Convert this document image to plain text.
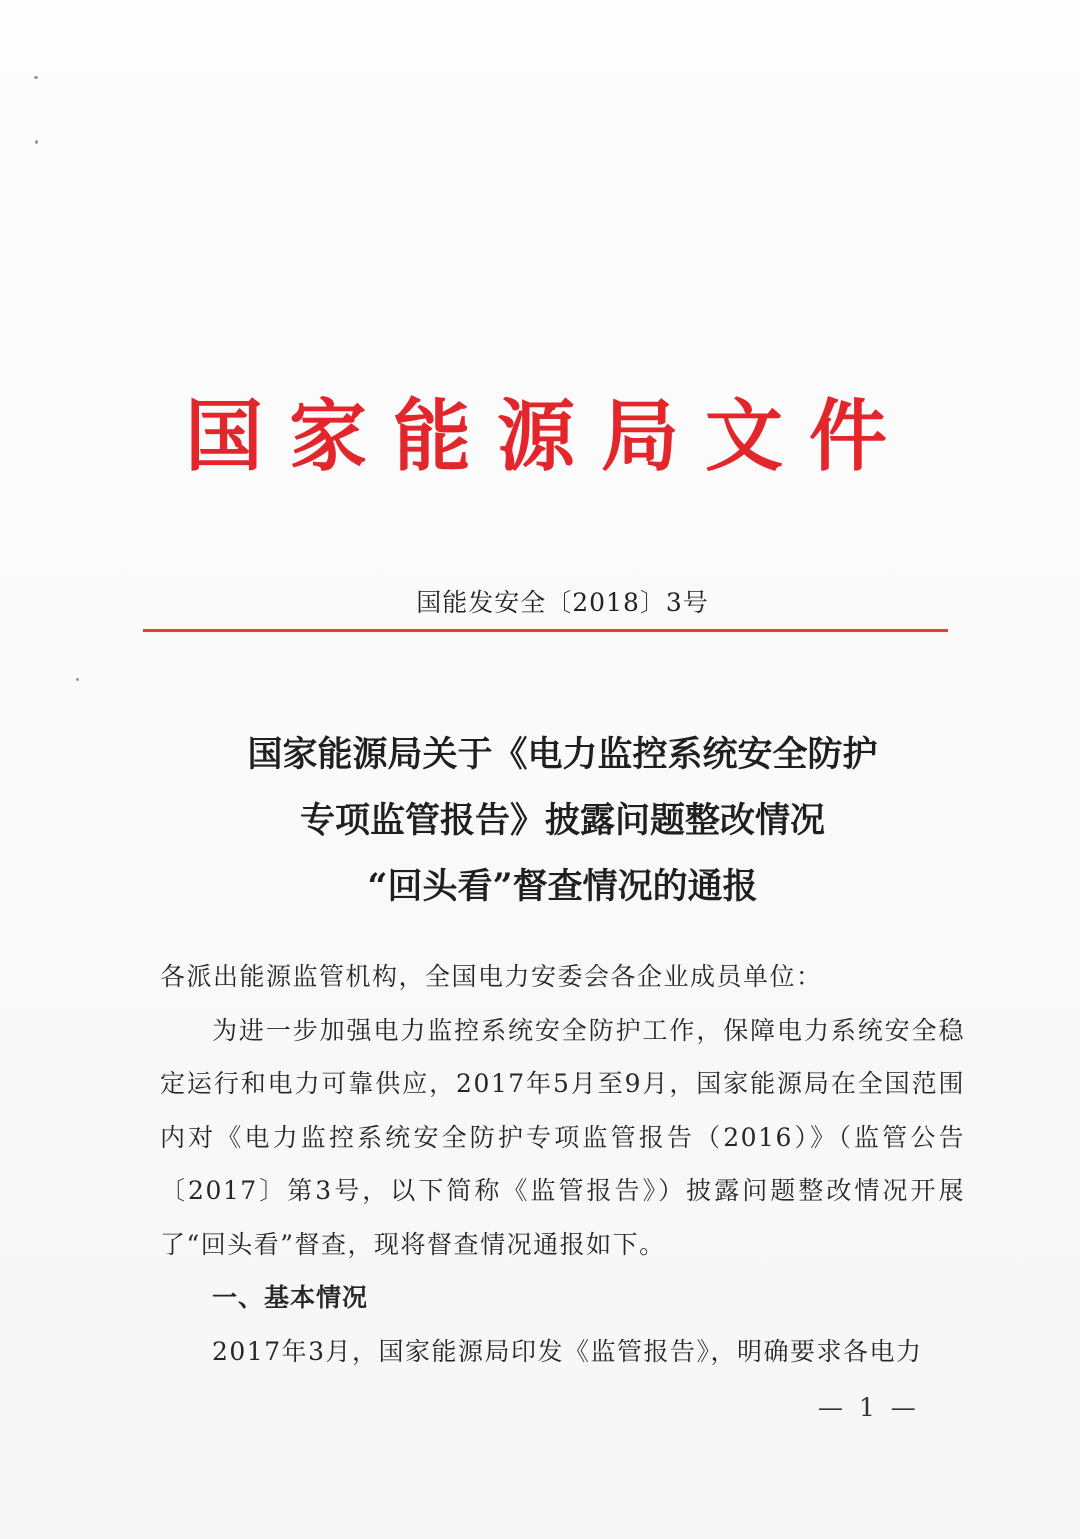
国家能源局文件
国能发安全〔2018〕3号
国家能源局关于《电力监控系统安全防护
专项监管报告》披露问题整改情况
“回头看”督查情况的通报

各派出能源监管机构，全国电力安委会各企业成员单位：

为进一步加强电力监控系统安全防护工作，保障电力系统安全稳定运行和电力可靠供应，2017年5月至9月，国家能源局在全国范围内对《电力监控系统安全防护专项监管报告（2016）》（监管公告〔2017〕第3号，以下简称《监管报告》）披露问题整改情况开展了“回头看”督查，现将督查情况通报如下。

一、基本情况

2017年3月，国家能源局印发《监管报告》，明确要求各电力

— 1 —
